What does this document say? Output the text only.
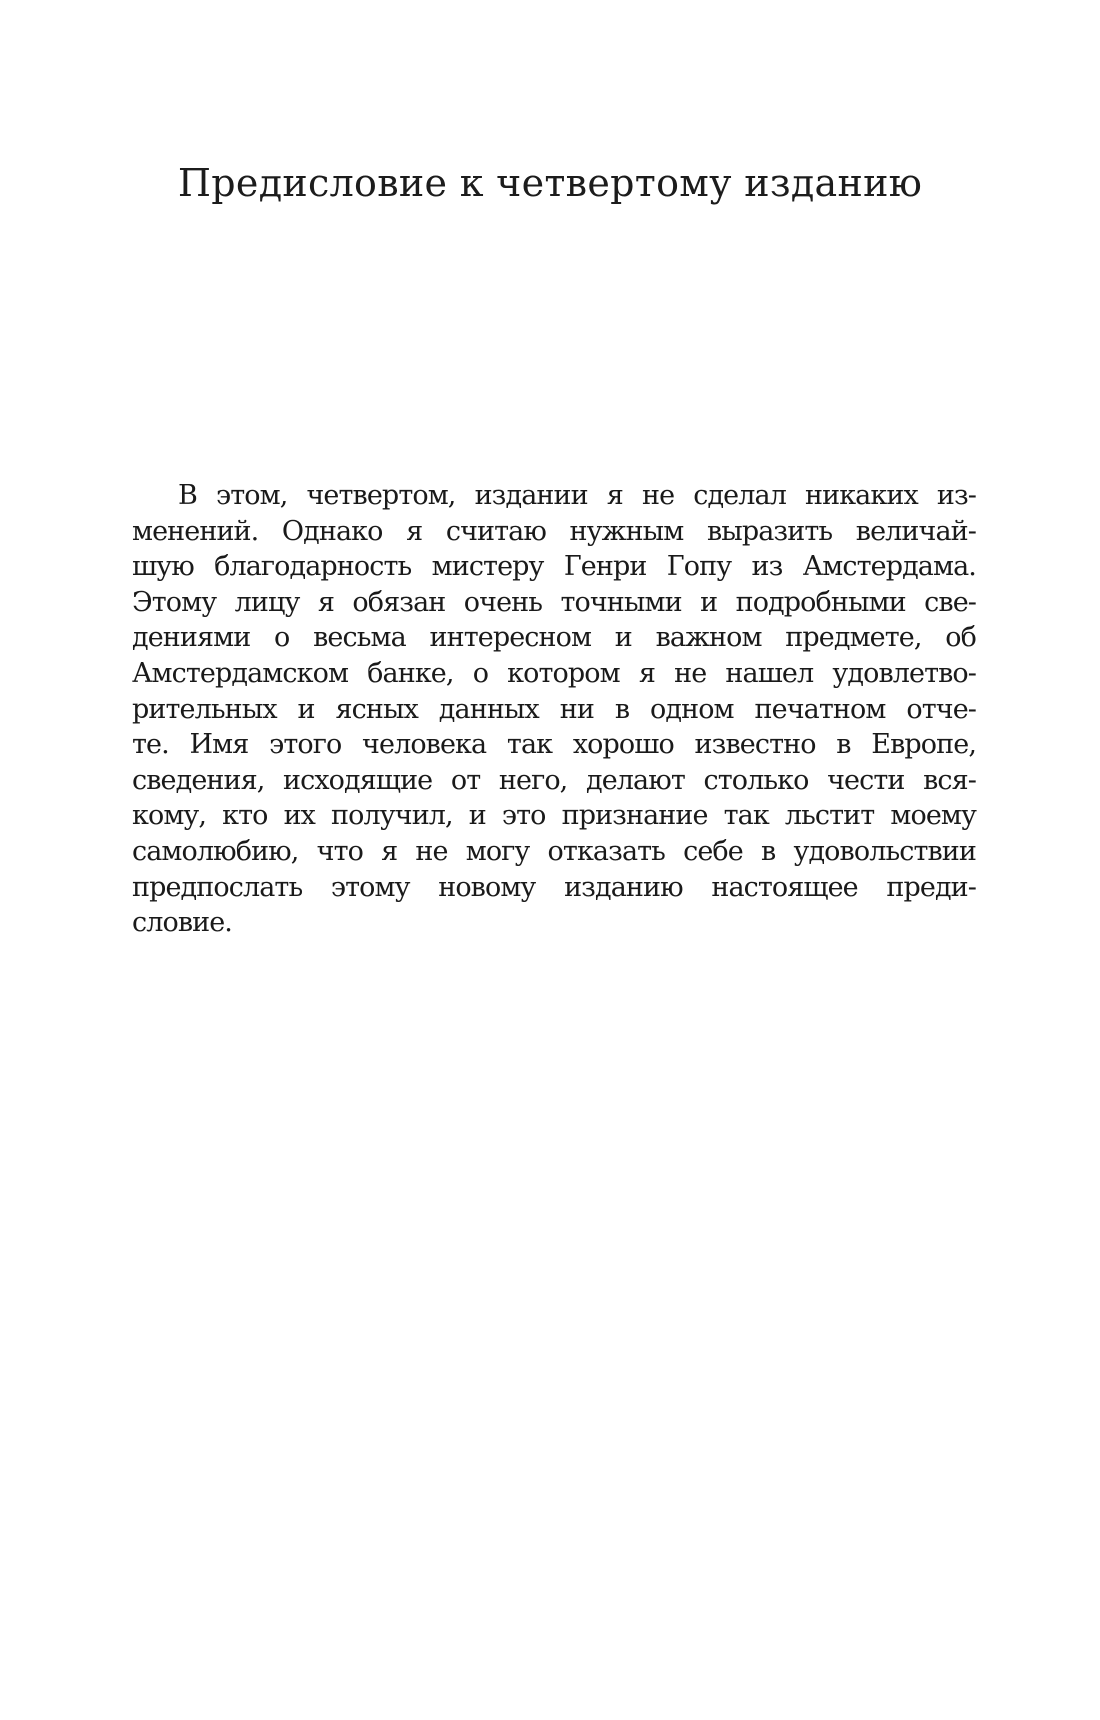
Предисловие к четвертому изданию

В этом, четвертом, издании я не сделал никаких из-
менений. Однако я считаю нужным выразить величай-
шую благодарность мистеру Генри Гопу из Амстердама.
Этому лицу я обязан очень точными и подробными све-
дениями о весьма интересном и важном предмете, об
Амстердамском банке, о котором я не нашел удовлетво-
рительных и ясных данных ни в одном печатном отче-
те. Имя этого человека так хорошо известно в Европе,
сведения, исходящие от него, делают столько чести вся-
кому, кто их получил, и это признание так льстит моему
самолюбию, что я не могу отказать себе в удовольствии
предпослать этому новому изданию настоящее преди-
словие.
